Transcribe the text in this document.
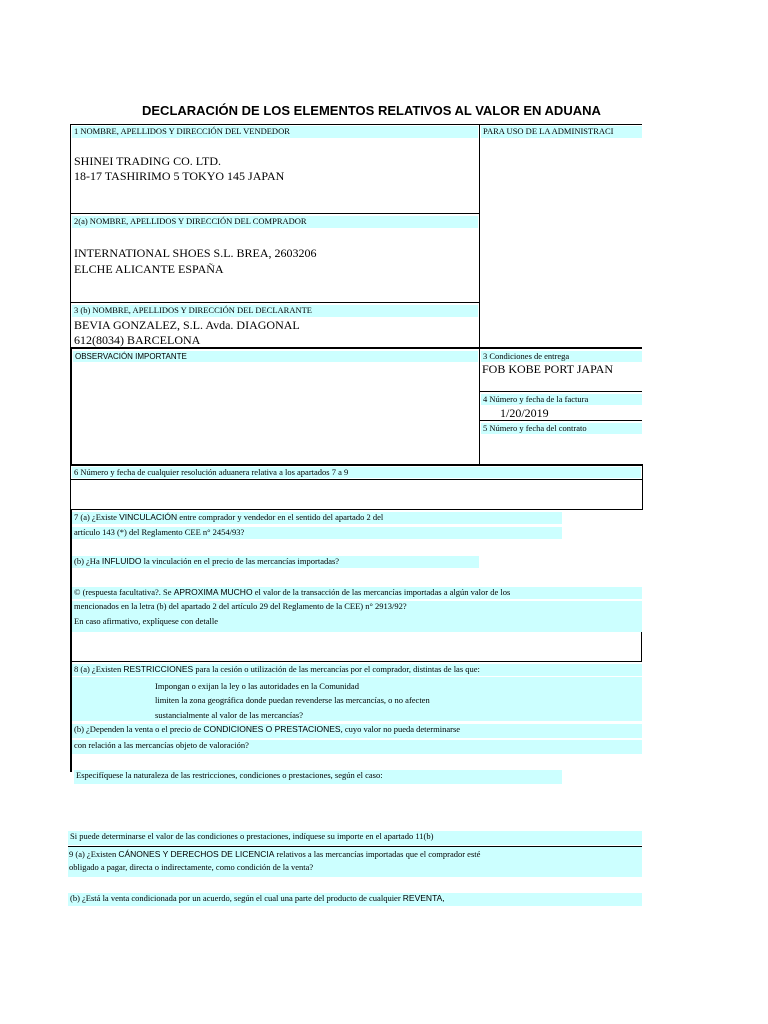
DECLARACIÓN DE LOS ELEMENTOS RELATIVOS AL VALOR EN ADUANA
1 NOMBRE, APELLIDOS Y DIRECCIÓN DEL VENDEDOR
SHINEI TRADING CO. LTD.
18-17 TASHIRIMO 5 TOKYO 145 JAPAN
PARA USO DE LA ADMINISTRACI
2(a) NOMBRE, APELLIDOS Y DIRECCIÓN DEL COMPRADOR
INTERNATIONAL SHOES S.L. BREA, 2603206
ELCHE ALICANTE ESPAÑA
3 (b) NOMBRE, APELLIDOS Y DIRECCIÓN DEL DECLARANTE
BEVIA GONZALEZ, S.L. Avda. DIAGONAL
612(8034) BARCELONA
OBSERVACIÓN IMPORTANTE	3 Condiciones de entrega
FOB KOBE PORT JAPAN
4 Número y fecha de la factura
1/20/2019
5 Número y fecha del contrato
6 Número y fecha de cualquier resolución aduanera relativa a los apartados 7 a 9
7 (a) ¿Existe VINCULACIÓN entre comprador y vendedor en el sentido del apartado 2 del
artículo 143 (*) del Reglamento CEE n° 2454/93?
(b) ¿Ha INFLUIDO la vinculación en el precio de las mercancías importadas?
© (respuesta facultativa?. Se APROXIMA MUCHO el valor de la transacción de las mercancías importadas a algún valor de los
mencionados en la letra (b) del apartado 2 del artículo 29 del Reglamento de la CEE) n° 2913/92?
En caso afirmativo, explíquese con detalle
8 (a) ¿Existen RESTRICCIONES para la cesión o utilización de las mercancías por el comprador, distintas de las que:
Impongan o exijan la ley o las autoridades en la Comunidad
limiten la zona geográfica donde puedan revenderse las mercancías, o no afecten
sustancialmente al valor de las mercancías?
(b) ¿Dependen la venta o el precio de CONDICIONES O PRESTACIONES, cuyo valor no pueda determinarse
con relación a las mercancías objeto de valoración?
Especifíquese la naturaleza de las restricciones, condiciones o prestaciones, según el caso:
Si puede determinarse el valor de las condiciones o prestaciones, indíquese su importe en el apartado 11(b)
9 (a) ¿Existen CÁNONES Y DERECHOS DE LICENCIA relativos a las mercancías importadas que el comprador esté
obligado a pagar, directa o indirectamente, como condición de la venta?
(b) ¿Está la venta condicionada por un acuerdo, según el cual una parte del producto de cualquier REVENTA,
